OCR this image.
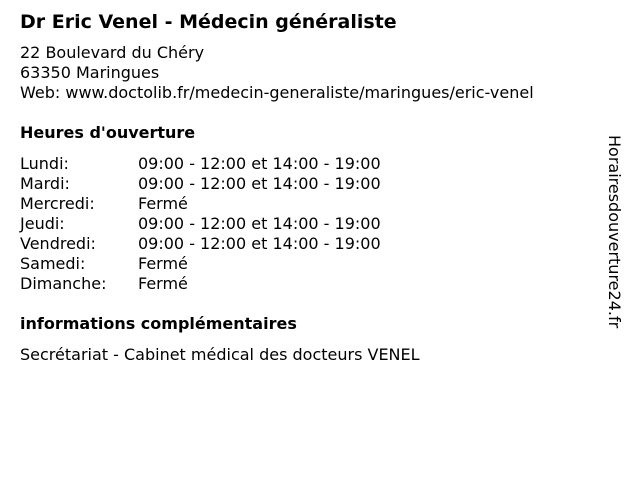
Dr Eric Venel - Médecin généraliste
22 Boulevard du Chéry
63350 Maringues
Web: www.doctolib.fr/medecin-generaliste/maringues/eric-venel
Heures d'ouverture
Lundi:	09:00 - 12:00 et 14:00 - 19:00
Mardi:	09:00 - 12:00 et 14:00 - 19:00
Mercredi:	Fermé
Jeudi:	09:00 - 12:00 et 14:00 - 19:00
Vendredi:	09:00 - 12:00 et 14:00 - 19:00
Samedi:	Fermé
Dimanche:	Fermé
informations complémentaires
Secrétariat - Cabinet médical des docteurs VENEL
Horairesdouverture24.fr
